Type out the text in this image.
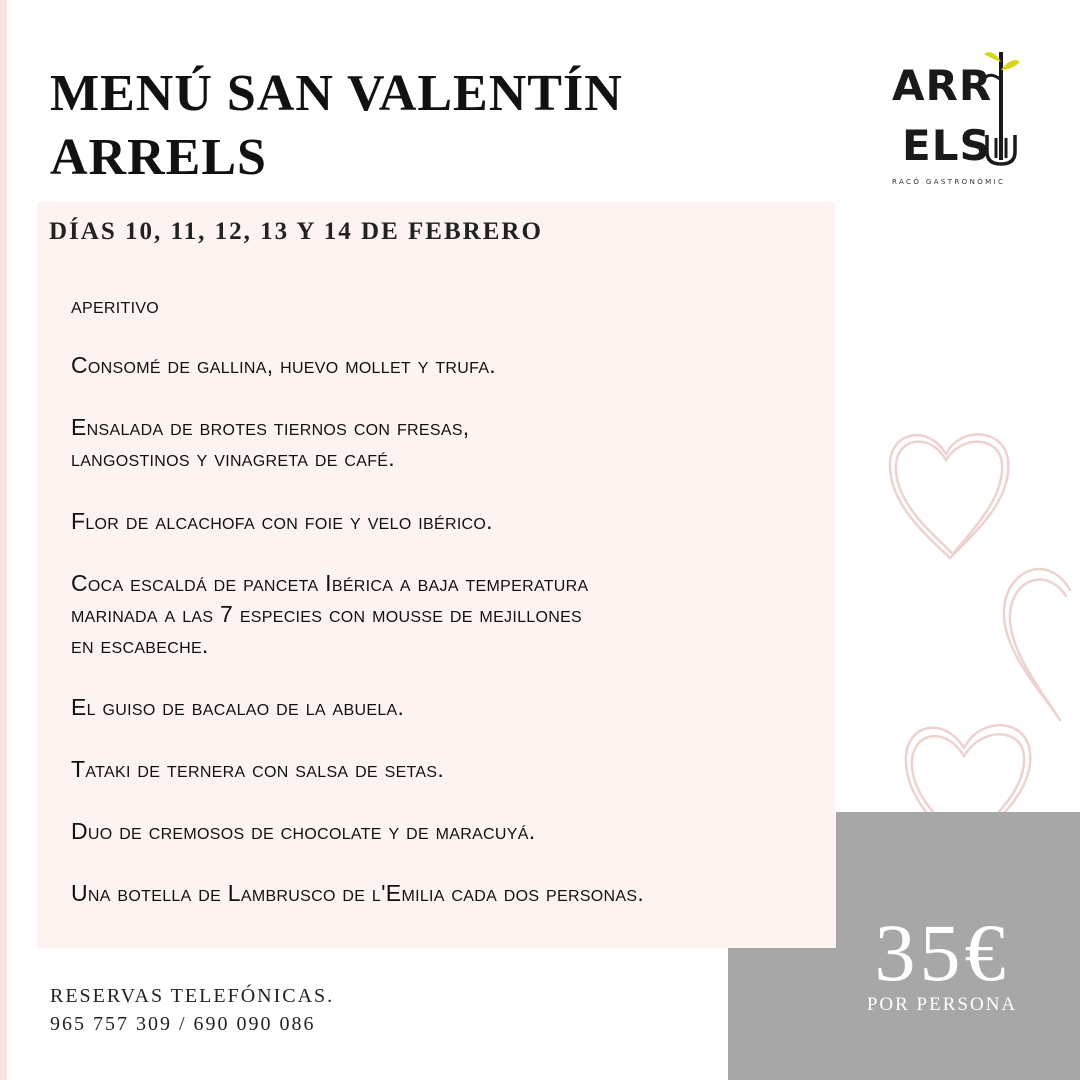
MENÚ SAN VALENTÍN
ARRELS
ARR
ELS
RACÓ GASTRONÒMIC
DÍAS 10, 11, 12, 13 Y 14 DE FEBRERO
aperitivo
Consomé de gallina, huevo mollet y trufa.
Ensalada de brotes tiernos con fresas,
langostinos y vinagreta de café.
Flor de alcachofa con foie y velo ibérico.
Coca escaldá de panceta Ibérica a baja temperatura
marinada a las 7 especies con mousse de mejillones
en escabeche.
El guiso de bacalao de la abuela.
Tataki de ternera con salsa de setas.
Duo de cremosos de chocolate y de maracuyá.
Una botella de Lambrusco de l'Emilia cada dos personas.
35€
POR PERSONA

RESERVAS TELEFÓNICAS.
965 757 309 / 690 090 086
